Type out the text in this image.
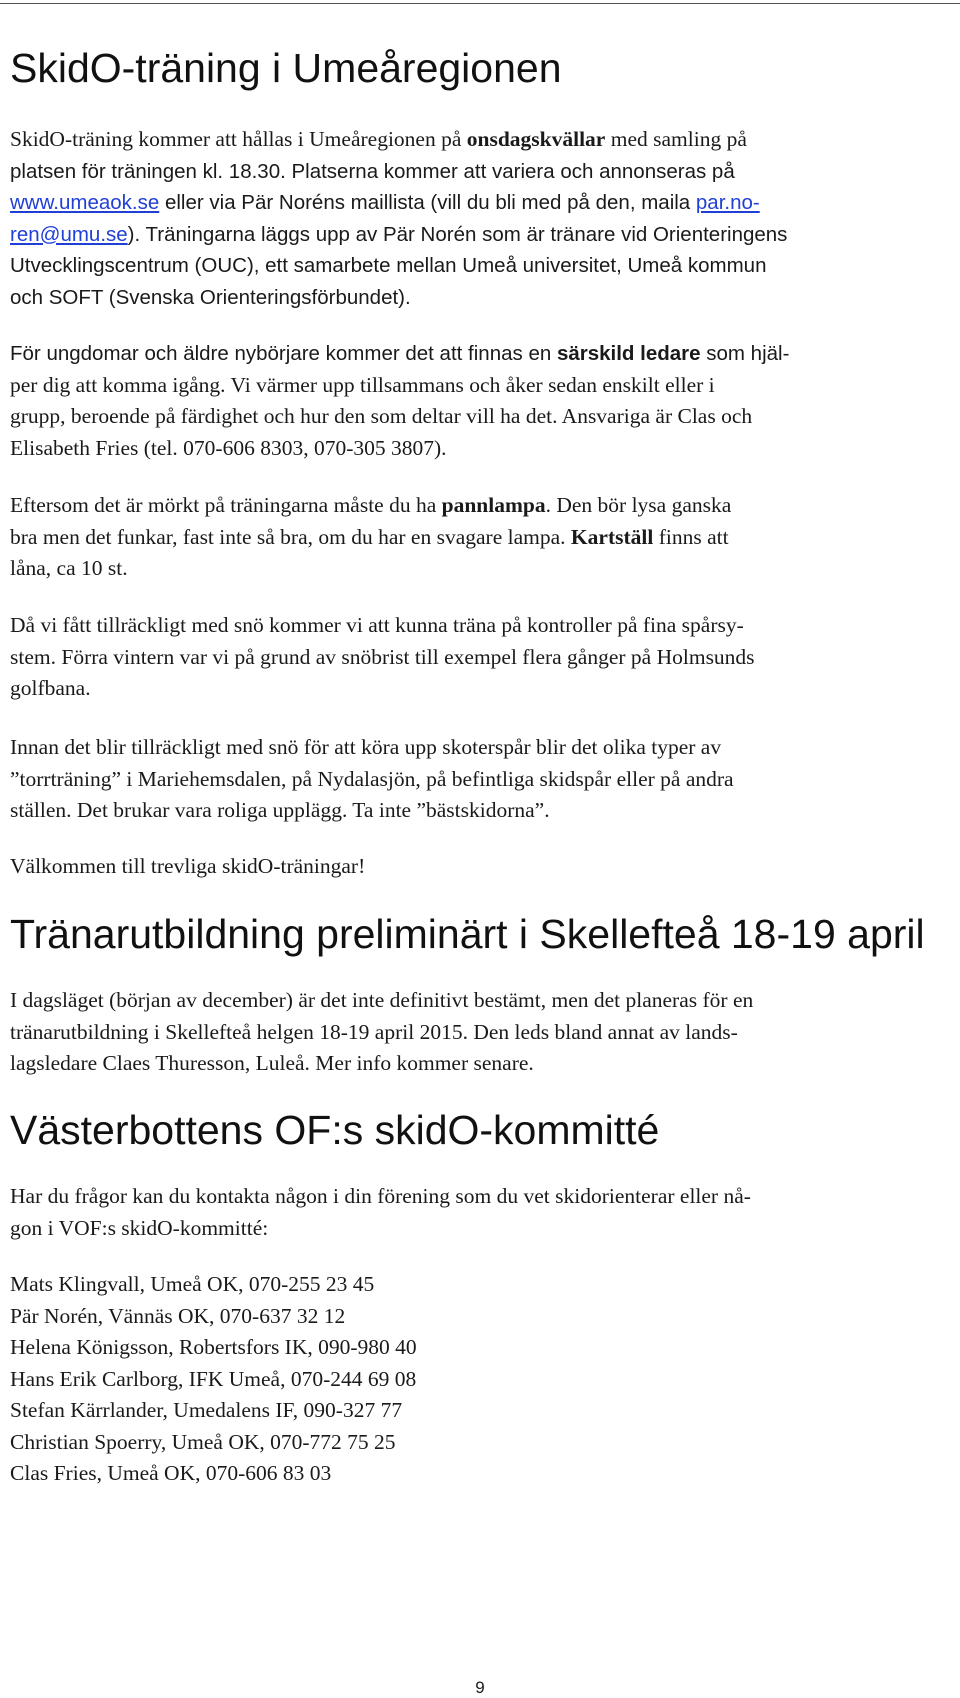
SkidO-träning i Umeåregionen
SkidO-träning kommer att hållas i Umeåregionen på onsdagskvällar med samling på
platsen för träningen kl. 18.30. Platserna kommer att variera och annonseras på
www.umeaok.se eller via Pär Noréns maillista (vill du bli med på den, maila par.no-
ren@umu.se). Träningarna läggs upp av Pär Norén som är tränare vid Orienteringens
Utvecklingscentrum (OUC), ett samarbete mellan Umeå universitet, Umeå kommun
och SOFT (Svenska Orienteringsförbundet).
För ungdomar och äldre nybörjare kommer det att finnas en särskild ledare som hjäl-
per dig att komma igång. Vi värmer upp tillsammans och åker sedan enskilt eller i
grupp, beroende på färdighet och hur den som deltar vill ha det. Ansvariga är Clas och
Elisabeth Fries (tel. 070-606 8303, 070-305 3807).
Eftersom det är mörkt på träningarna måste du ha pannlampa. Den bör lysa ganska
bra men det funkar, fast inte så bra, om du har en svagare lampa. Kartställ finns att
låna, ca 10 st.
Då vi fått tillräckligt med snö kommer vi att kunna träna på kontroller på fina spårsy-
stem. Förra vintern var vi på grund av snöbrist till exempel flera gånger på Holmsunds
golfbana.
Innan det blir tillräckligt med snö för att köra upp skoterspår blir det olika typer av
”torrträning” i Mariehemsdalen, på Nydalasjön, på befintliga skidspår eller på andra
ställen. Det brukar vara roliga upplägg. Ta inte ”bästskidorna”.
Välkommen till trevliga skidO-träningar!
Tränarutbildning preliminärt i Skellefteå 18-19 april
I dagsläget (början av december) är det inte definitivt bestämt, men det planeras för en
tränarutbildning i Skellefteå helgen 18-19 april 2015. Den leds bland annat av lands-
lagsledare Claes Thuresson, Luleå. Mer info kommer senare.
Västerbottens OF:s skidO-kommitté
Har du frågor kan du kontakta någon i din förening som du vet skidorienterar eller nå-
gon i VOF:s skidO-kommitté:
Mats Klingvall, Umeå OK, 070-255 23 45
Pär Norén, Vännäs OK, 070-637 32 12
Helena Königsson, Robertsfors IK, 090-980 40
Hans Erik Carlborg, IFK Umeå, 070-244 69 08
Stefan Kärrlander, Umedalens IF, 090-327 77
Christian Spoerry, Umeå OK, 070-772 75 25
Clas Fries, Umeå OK, 070-606 83 03
9
